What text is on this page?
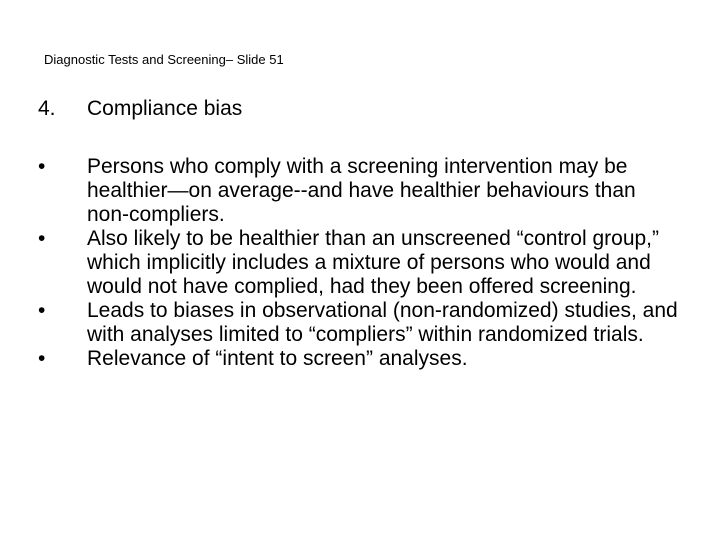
Diagnostic Tests and Screening– Slide 51
4. Compliance bias
• Persons who comply with a screening intervention may be healthier—on average--and have healthier behaviours than non-compliers.
• Also likely to be healthier than an unscreened “control group,” which implicitly includes a mixture of persons who would and would not have complied, had they been offered screening.
• Leads to biases in observational (non-randomized) studies, and with analyses limited to “compliers” within randomized trials.
• Relevance of “intent to screen” analyses.
